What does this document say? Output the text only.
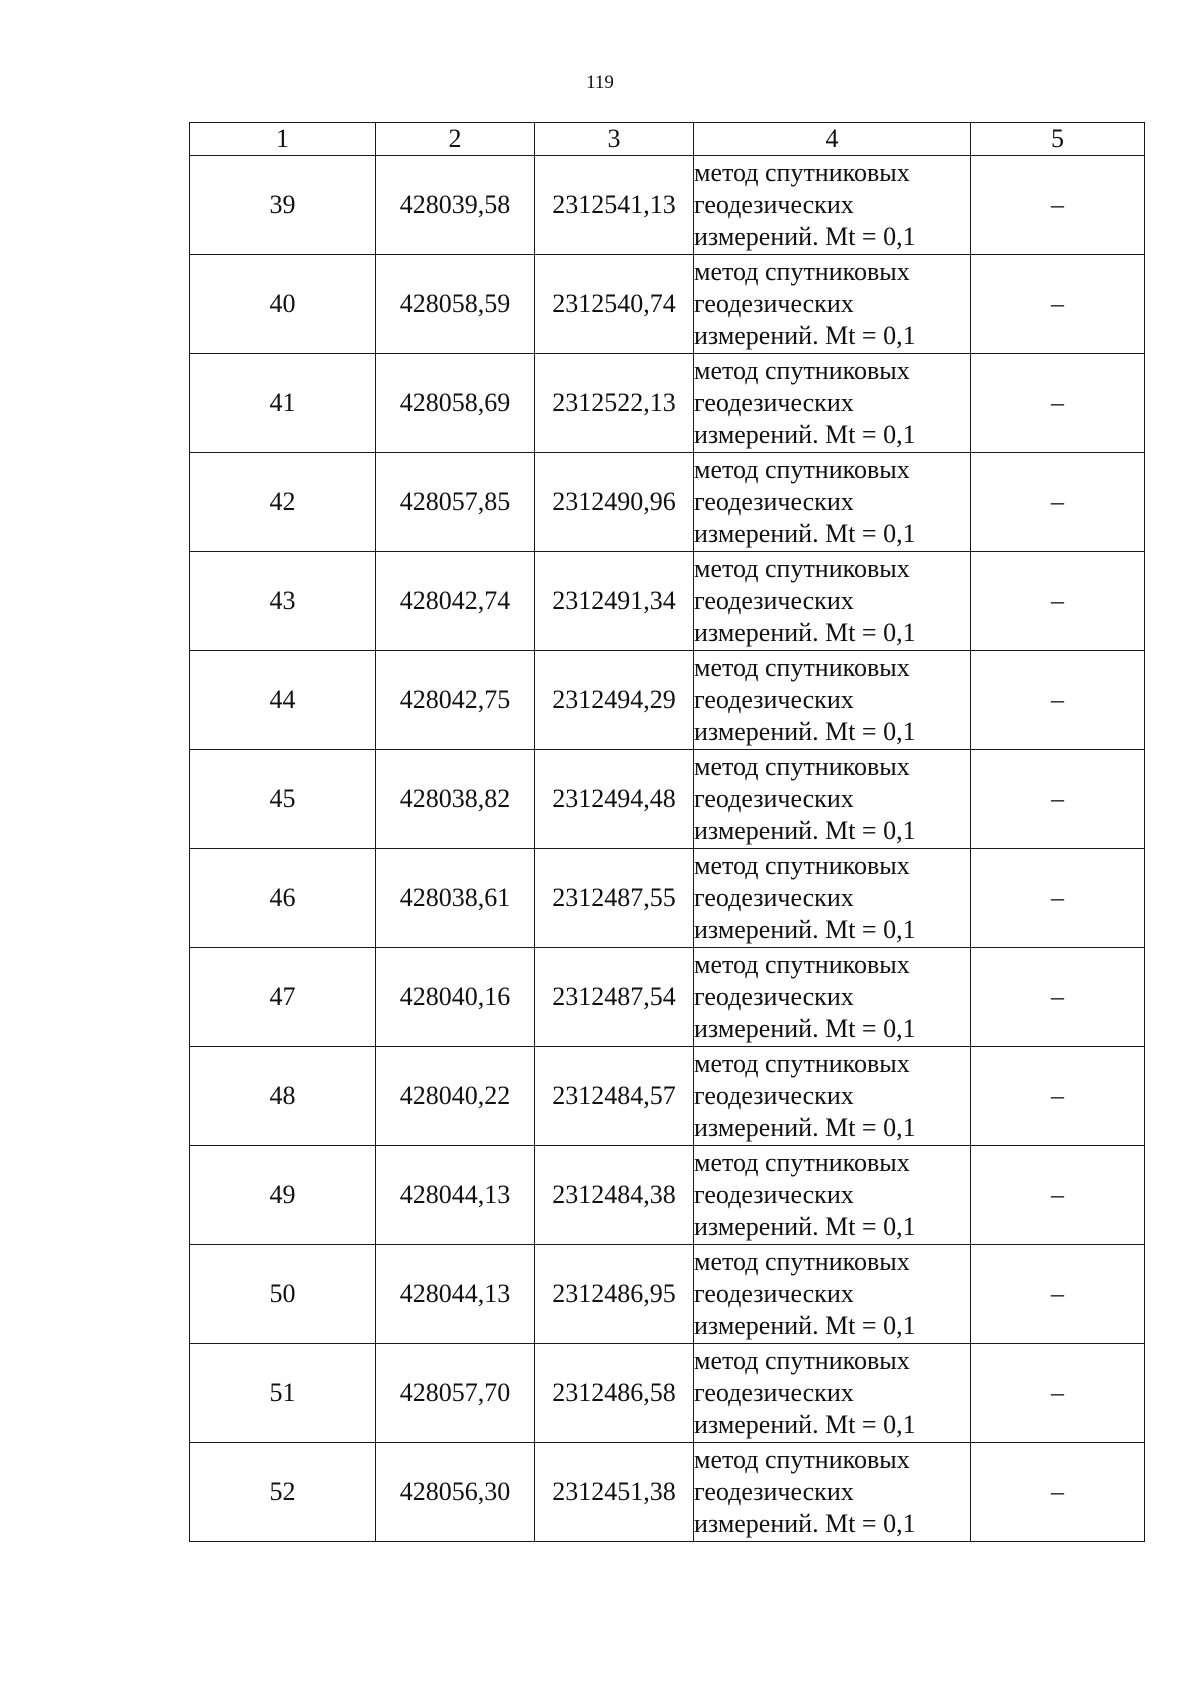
119
1	2	3	4	5
39	428039,58	2312541,13	метод спутниковых
геодезических
измерений. Mt = 0,1	–
40	428058,59	2312540,74	метод спутниковых
геодезических
измерений. Mt = 0,1	–
41	428058,69	2312522,13	метод спутниковых
геодезических
измерений. Mt = 0,1	–
42	428057,85	2312490,96	метод спутниковых
геодезических
измерений. Mt = 0,1	–
43	428042,74	2312491,34	метод спутниковых
геодезических
измерений. Mt = 0,1	–
44	428042,75	2312494,29	метод спутниковых
геодезических
измерений. Mt = 0,1	–
45	428038,82	2312494,48	метод спутниковых
геодезических
измерений. Mt = 0,1	–
46	428038,61	2312487,55	метод спутниковых
геодезических
измерений. Mt = 0,1	–
47	428040,16	2312487,54	метод спутниковых
геодезических
измерений. Mt = 0,1	–
48	428040,22	2312484,57	метод спутниковых
геодезических
измерений. Mt = 0,1	–
49	428044,13	2312484,38	метод спутниковых
геодезических
измерений. Mt = 0,1	–
50	428044,13	2312486,95	метод спутниковых
геодезических
измерений. Mt = 0,1	–
51	428057,70	2312486,58	метод спутниковых
геодезических
измерений. Mt = 0,1	–
52	428056,30	2312451,38	метод спутниковых
геодезических
измерений. Mt = 0,1	–
